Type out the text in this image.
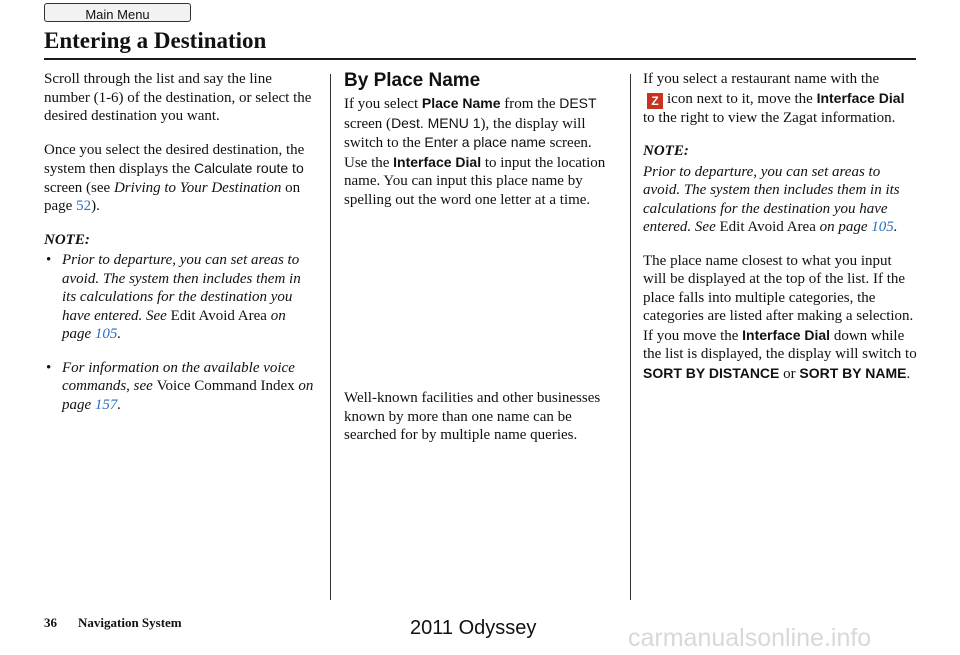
Main Menu
Entering a Destination

Scroll through the list and say the line number (1-6) of the destination, or select the desired destination you want.

Once you select the desired destination, the system then displays the Calculate route to screen (see Driving to Your Destination on page 52).

NOTE:
• Prior to departure, you can set areas to avoid. The system then includes them in its calculations for the destination you have entered. See Edit Avoid Area on page 105.
• For information on the available voice commands, see Voice Command Index on page 157.
By Place Name

If you select Place Name from the DEST screen (Dest. MENU 1), the display will switch to the Enter a place name screen. Use the Interface Dial to input the location name. You can input this place name by spelling out the word one letter at a time.

Well-known facilities and other businesses known by more than one name can be searched for by multiple name queries.

If you select a restaurant name with the
Z icon next to it, move the Interface Dial to the right to view the Zagat information.

NOTE:

Prior to departure, you can set areas to avoid. The system then includes them in its calculations for the destination you have entered. See Edit Avoid Area on page 105.

The place name closest to what you input will be displayed at the top of the list. If the place falls into multiple categories, the categories are listed after making a selection. If you move the Interface Dial down while the list is displayed, the display will switch to SORT BY DISTANCE or SORT BY NAME.

36 Navigation System	2011 Odyssey	carmanualsonline.info
